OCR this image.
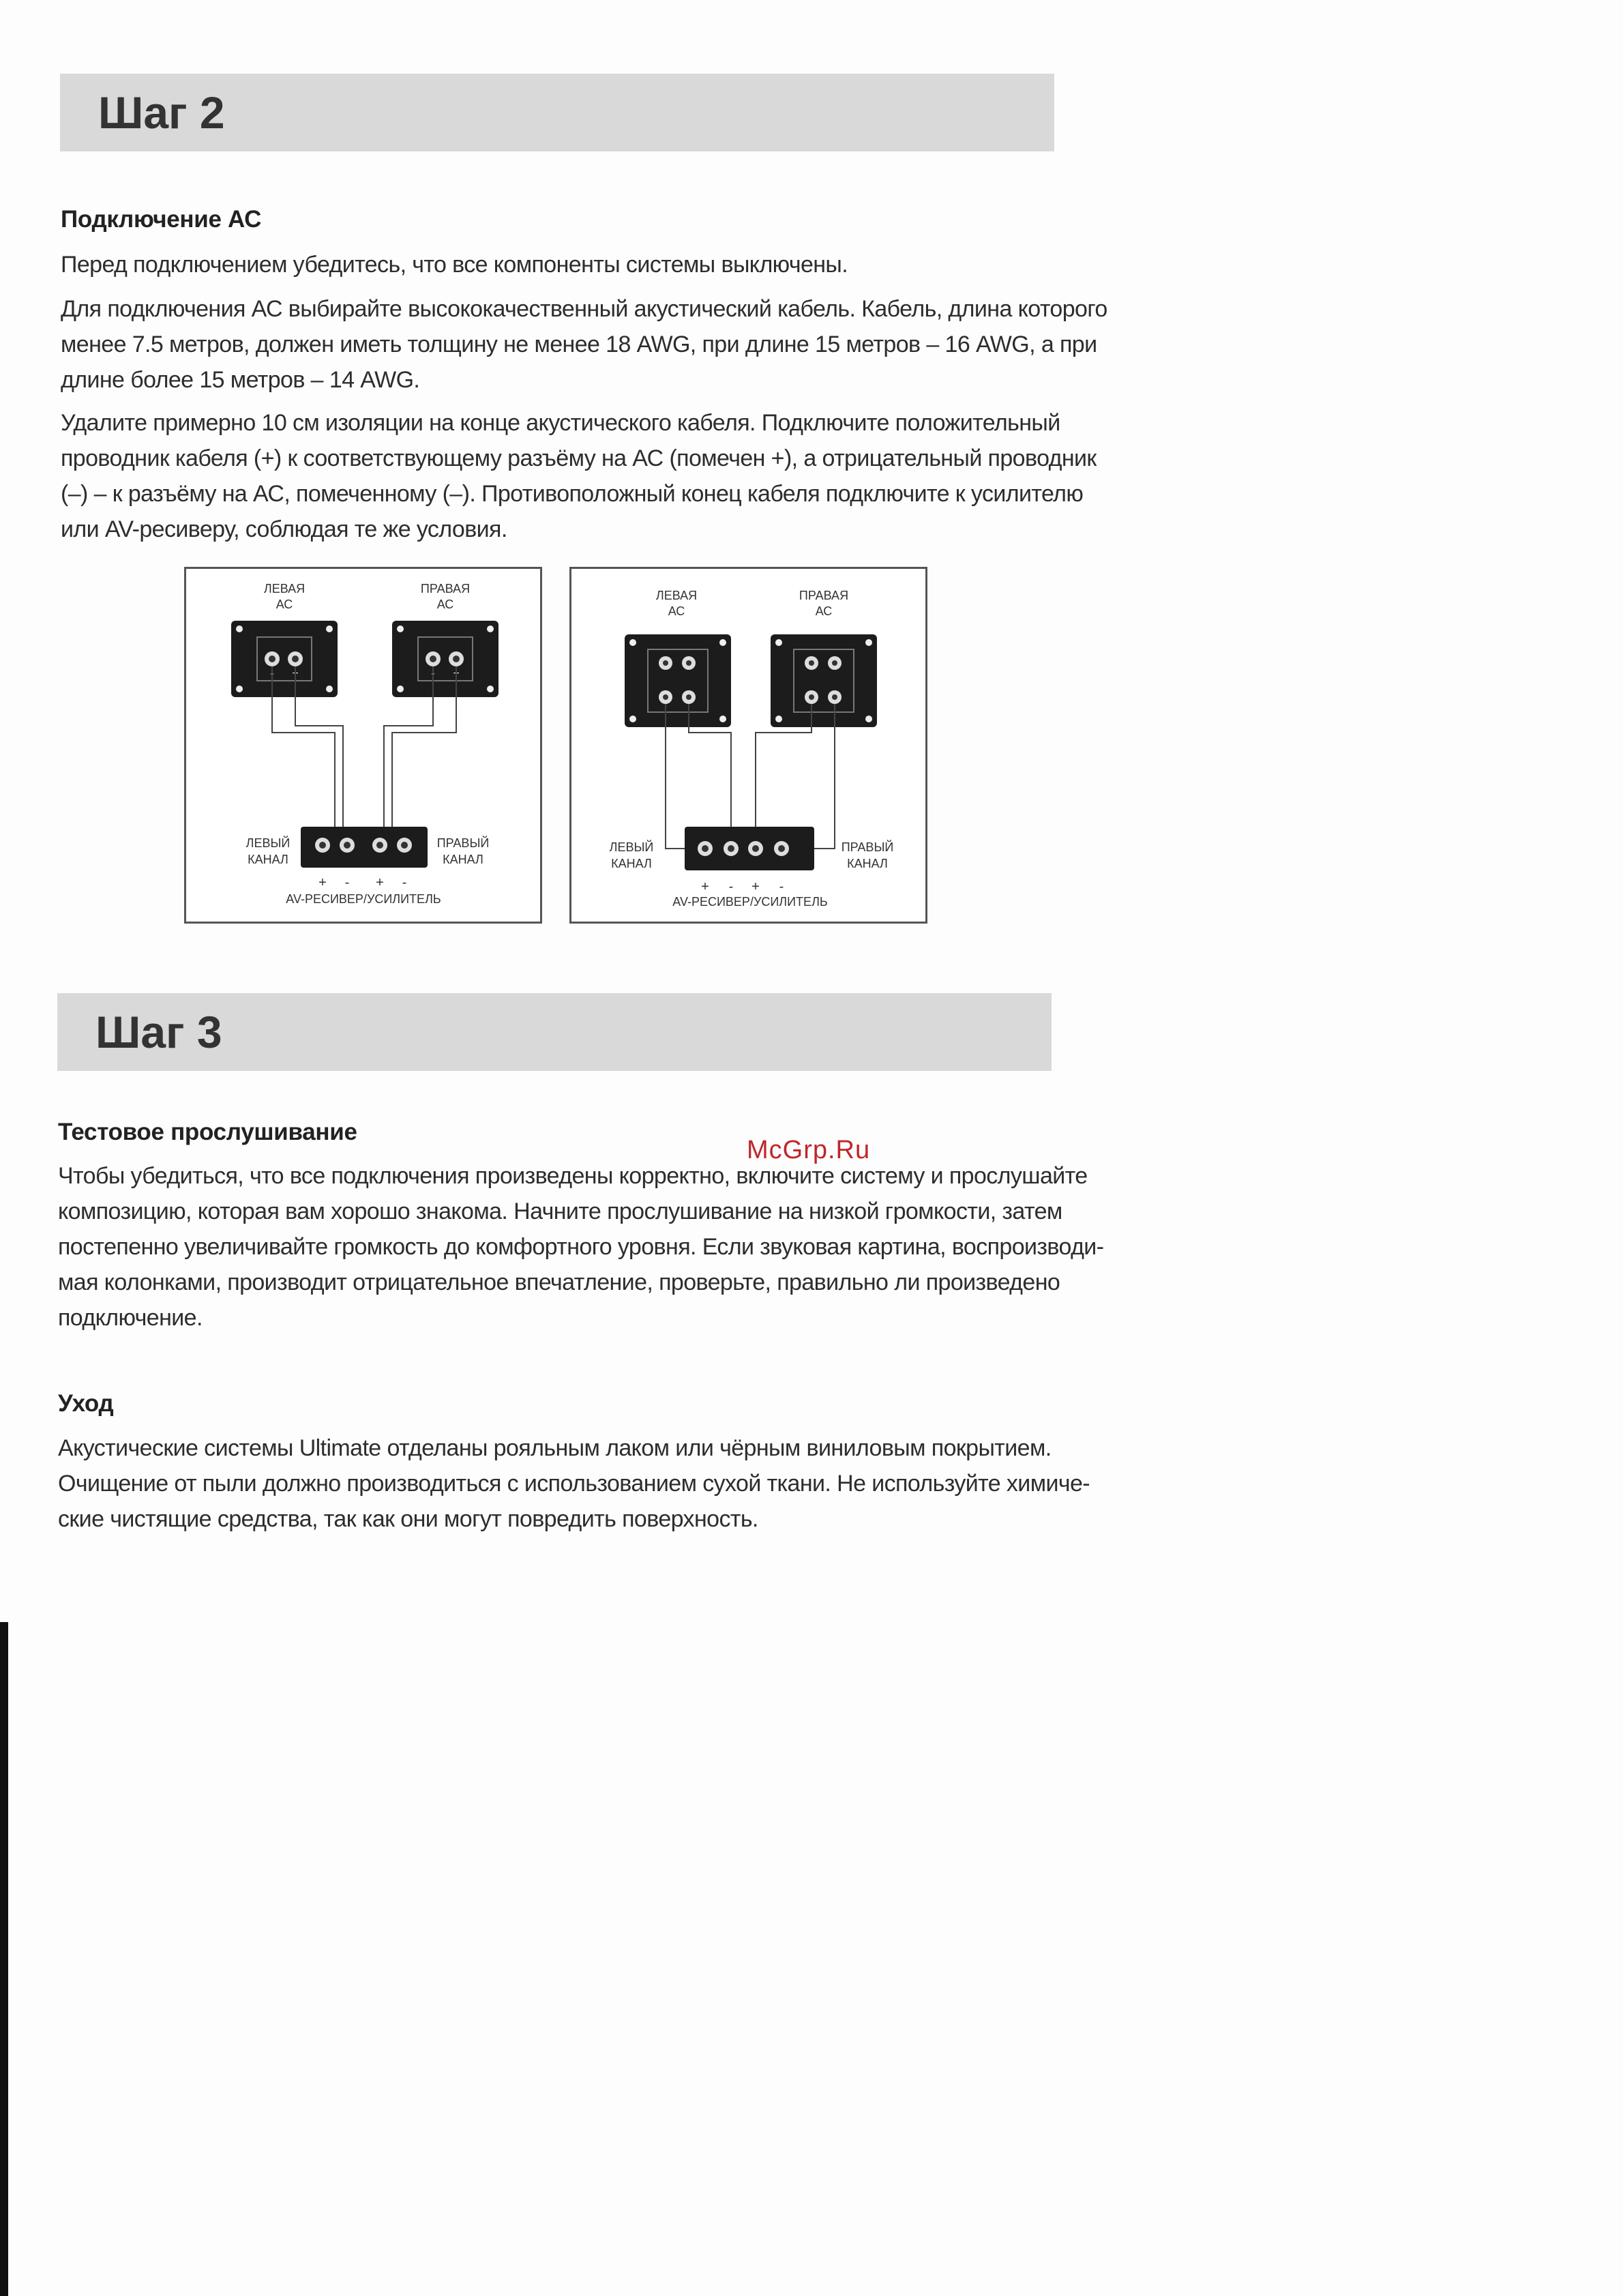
Шаг 2
Подключение АС
Перед подключением убедитесь, что все компоненты системы выключены.
Для подключения АС выбирайте высококачественный акустический кабель. Кабель, длина которого
менее 7.5 метров, должен иметь толщину не менее 18 AWG, при длине 15 метров – 16 AWG, а при
длине более 15 метров – 14 AWG.
Удалите примерно 10 см изоляции на конце акустического кабеля. Подключите положительный
проводник кабеля (+) к соответствующему разъёму на АС (помечен +), а отрицательный проводник
(–) – к разъёму на АС, помеченному (–). Противоположный конец кабеля подключите к усилителю
или AV-ресиверу, соблюдая те же условия.
ЛЕВАЯ
АС
ПРАВАЯ
АС
- +	- +
+ - + -
ЛЕВЫЙ
КАНАЛ
ПРАВЫЙ
КАНАЛ
AV-РЕСИВЕР/УСИЛИТЕЛЬ
ЛЕВАЯ
АС
ПРАВАЯ
АС
+ - + -
ЛЕВЫЙ
КАНАЛ
ПРАВЫЙ
КАНАЛ
AV-РЕСИВЕР/УСИЛИТЕЛЬ
Шаг 3
McGrp.Ru
Тестовое прослушивание
Чтобы убедиться, что все подключения произведены корректно, включите систему и прослушайте
композицию, которая вам хорошо знакома. Начните прослушивание на низкой громкости, затем
постепенно увеличивайте громкость до комфортного уровня. Если звуковая картина, воспроизводи-
мая колонками, производит отрицательное впечатление, проверьте, правильно ли произведено
подключение.
Уход
Акустические системы Ultimate отделаны рояльным лаком или чёрным виниловым покрытием.
Очищение от пыли должно производиться с использованием сухой ткани. Не используйте химиче-
ские чистящие средства, так как они могут повредить поверхность.
